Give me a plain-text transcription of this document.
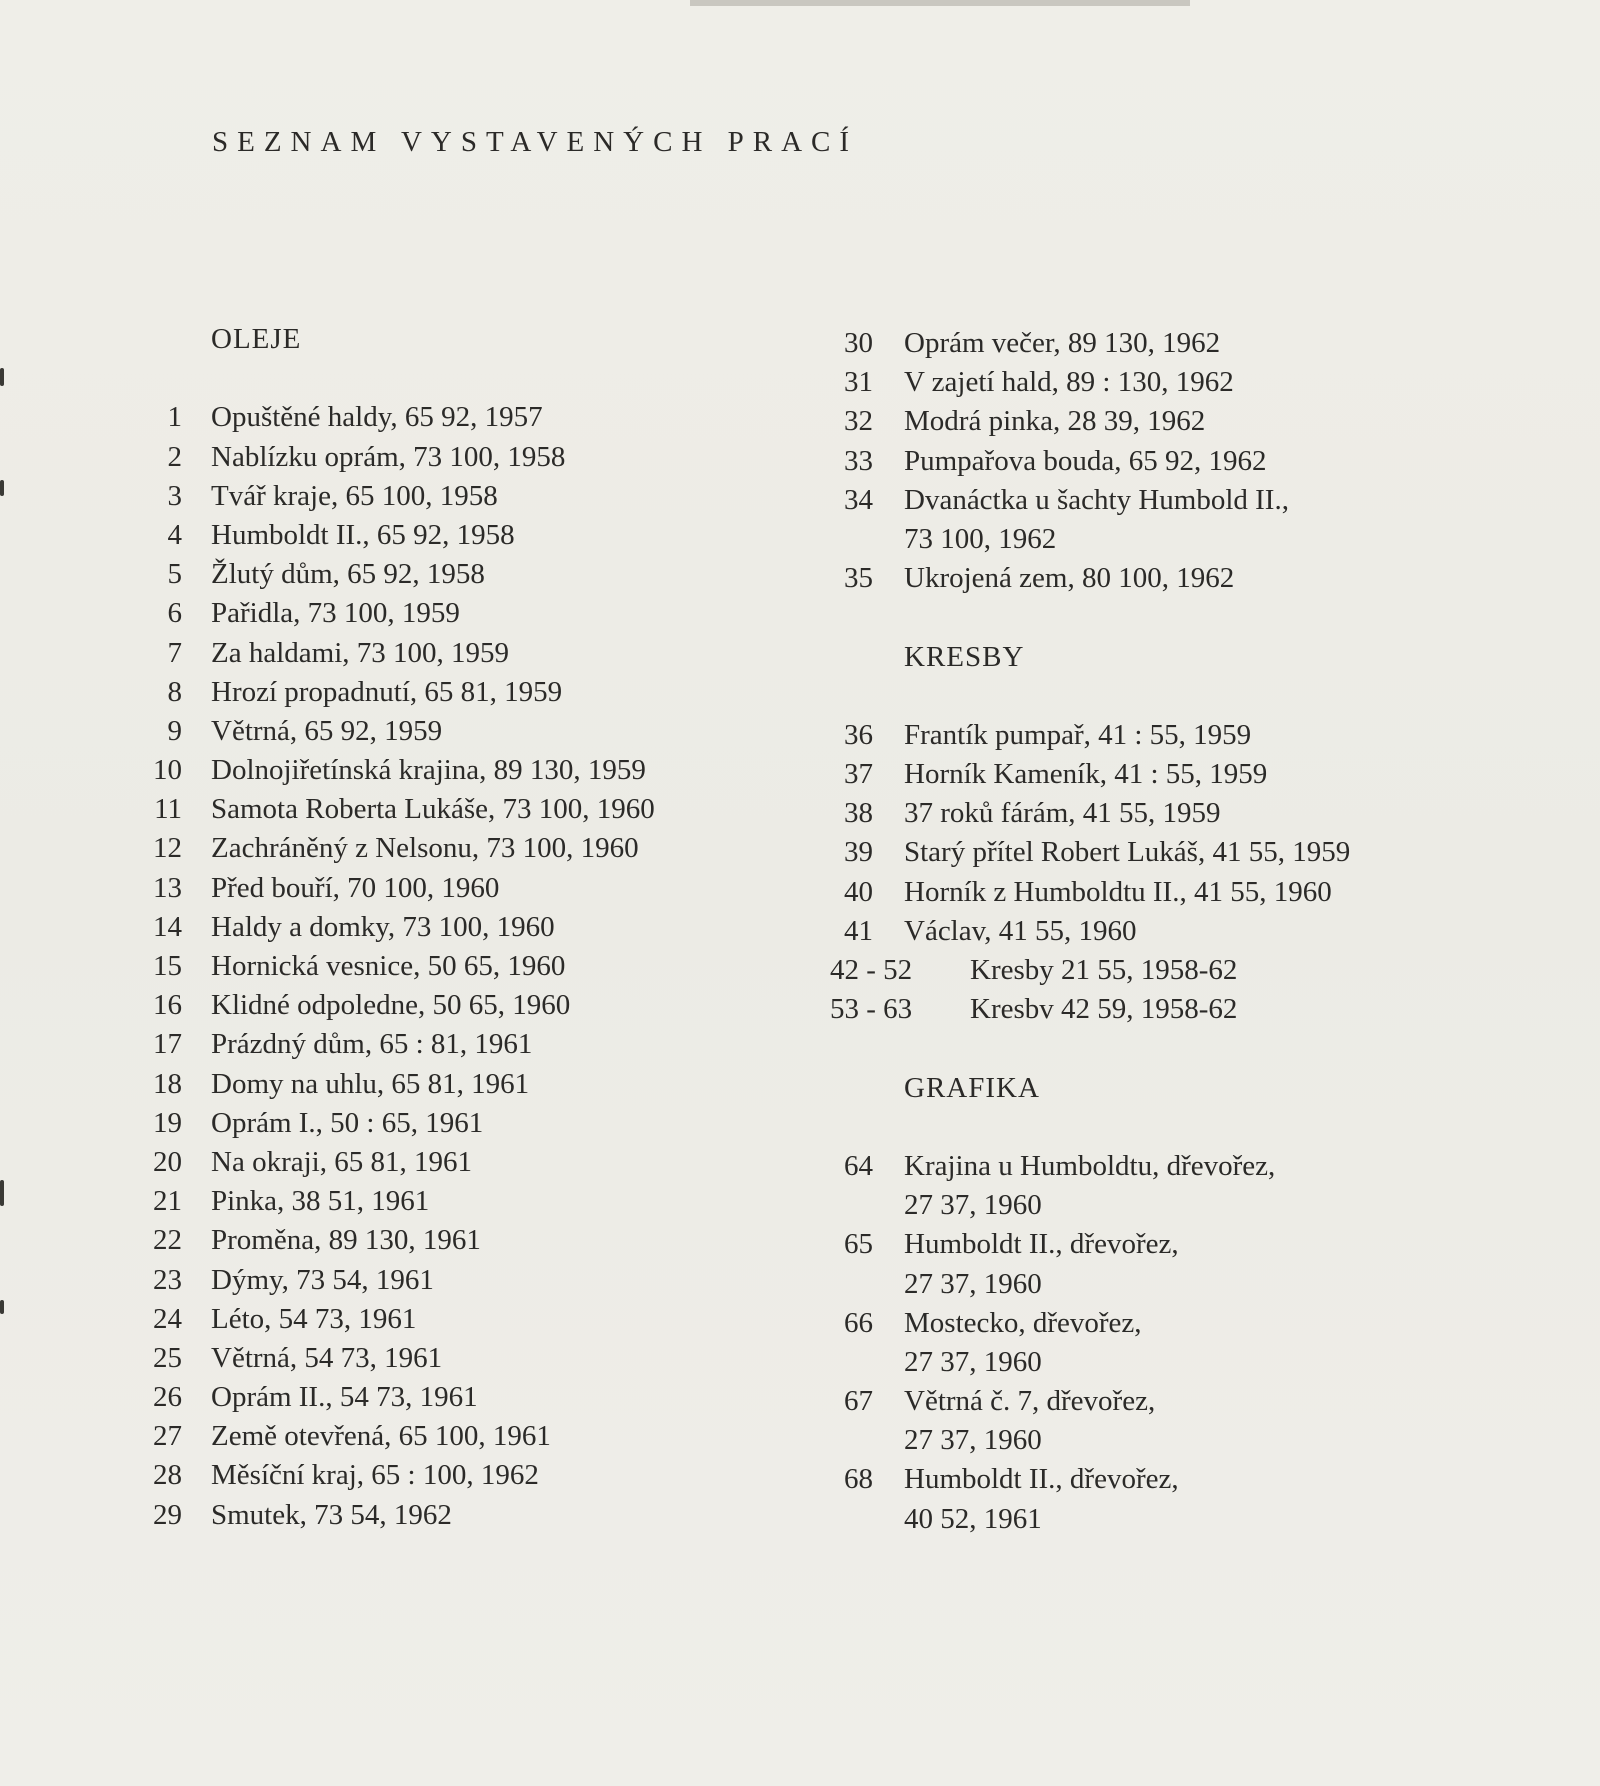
SEZNAM VYSTAVENÝCH PRACÍ
OLEJE
1 Opuštěné haldy, 65 92, 1957
2 Nablízku oprám, 73 100, 1958
3 Tvář kraje, 65 100, 1958
4 Humboldt II., 65 92, 1958
5 Žlutý dům, 65 92, 1958
6 Pařidla, 73 100, 1959
7 Za haldami, 73 100, 1959
8 Hrozí propadnutí, 65 81, 1959
9 Větrná, 65 92, 1959
10 Dolnojiřetínská krajina, 89 130, 1959
11 Samota Roberta Lukáše, 73 100, 1960
12 Zachráněný z Nelsonu, 73 100, 1960
13 Před bouří, 70 100, 1960
14 Haldy a domky, 73 100, 1960
15 Hornická vesnice, 50 65, 1960
16 Klidné odpoledne, 50 65, 1960
17 Prázdný dům, 65 : 81, 1961
18 Domy na uhlu, 65 81, 1961
19 Oprám I., 50 : 65, 1961
20 Na okraji, 65 81, 1961
21 Pinka, 38 51, 1961
22 Proměna, 89 130, 1961
23 Dýmy, 73 54, 1961
24 Léto, 54 73, 1961
25 Větrná, 54 73, 1961
26 Oprám II., 54 73, 1961
27 Země otevřená, 65 100, 1961
28 Měsíční kraj, 65 : 100, 1962
29 Smutek, 73 54, 1962
30 Oprám večer, 89 130, 1962
31 V zajetí hald, 89 : 130, 1962
32 Modrá pinka, 28 39, 1962
33 Pumpařova bouda, 65 92, 1962
34 Dvanáctka u šachty Humbold II.,
73 100, 1962
35 Ukrojená zem, 80 100, 1962
KRESBY
36 Frantík pumpař, 41 : 55, 1959
37 Horník Kameník, 41 : 55, 1959
38 37 roků fárám, 41 55, 1959
39 Starý přítel Robert Lukáš, 41 55, 1959
40 Horník z Humboldtu II., 41 55, 1960
41 Václav, 41 55, 1960
42 - 52 Kresby 21 55, 1958-62
53 - 63 Kresbv 42 59, 1958-62
GRAFIKA
64 Krajina u Humboldtu, dřevořez,
27 37, 1960
65 Humboldt II., dřevořez,
27 37, 1960
66 Mostecko, dřevořez,
27 37, 1960
67 Větrná č. 7, dřevořez,
27 37, 1960
68 Humboldt II., dřevořez,
40 52, 1961
